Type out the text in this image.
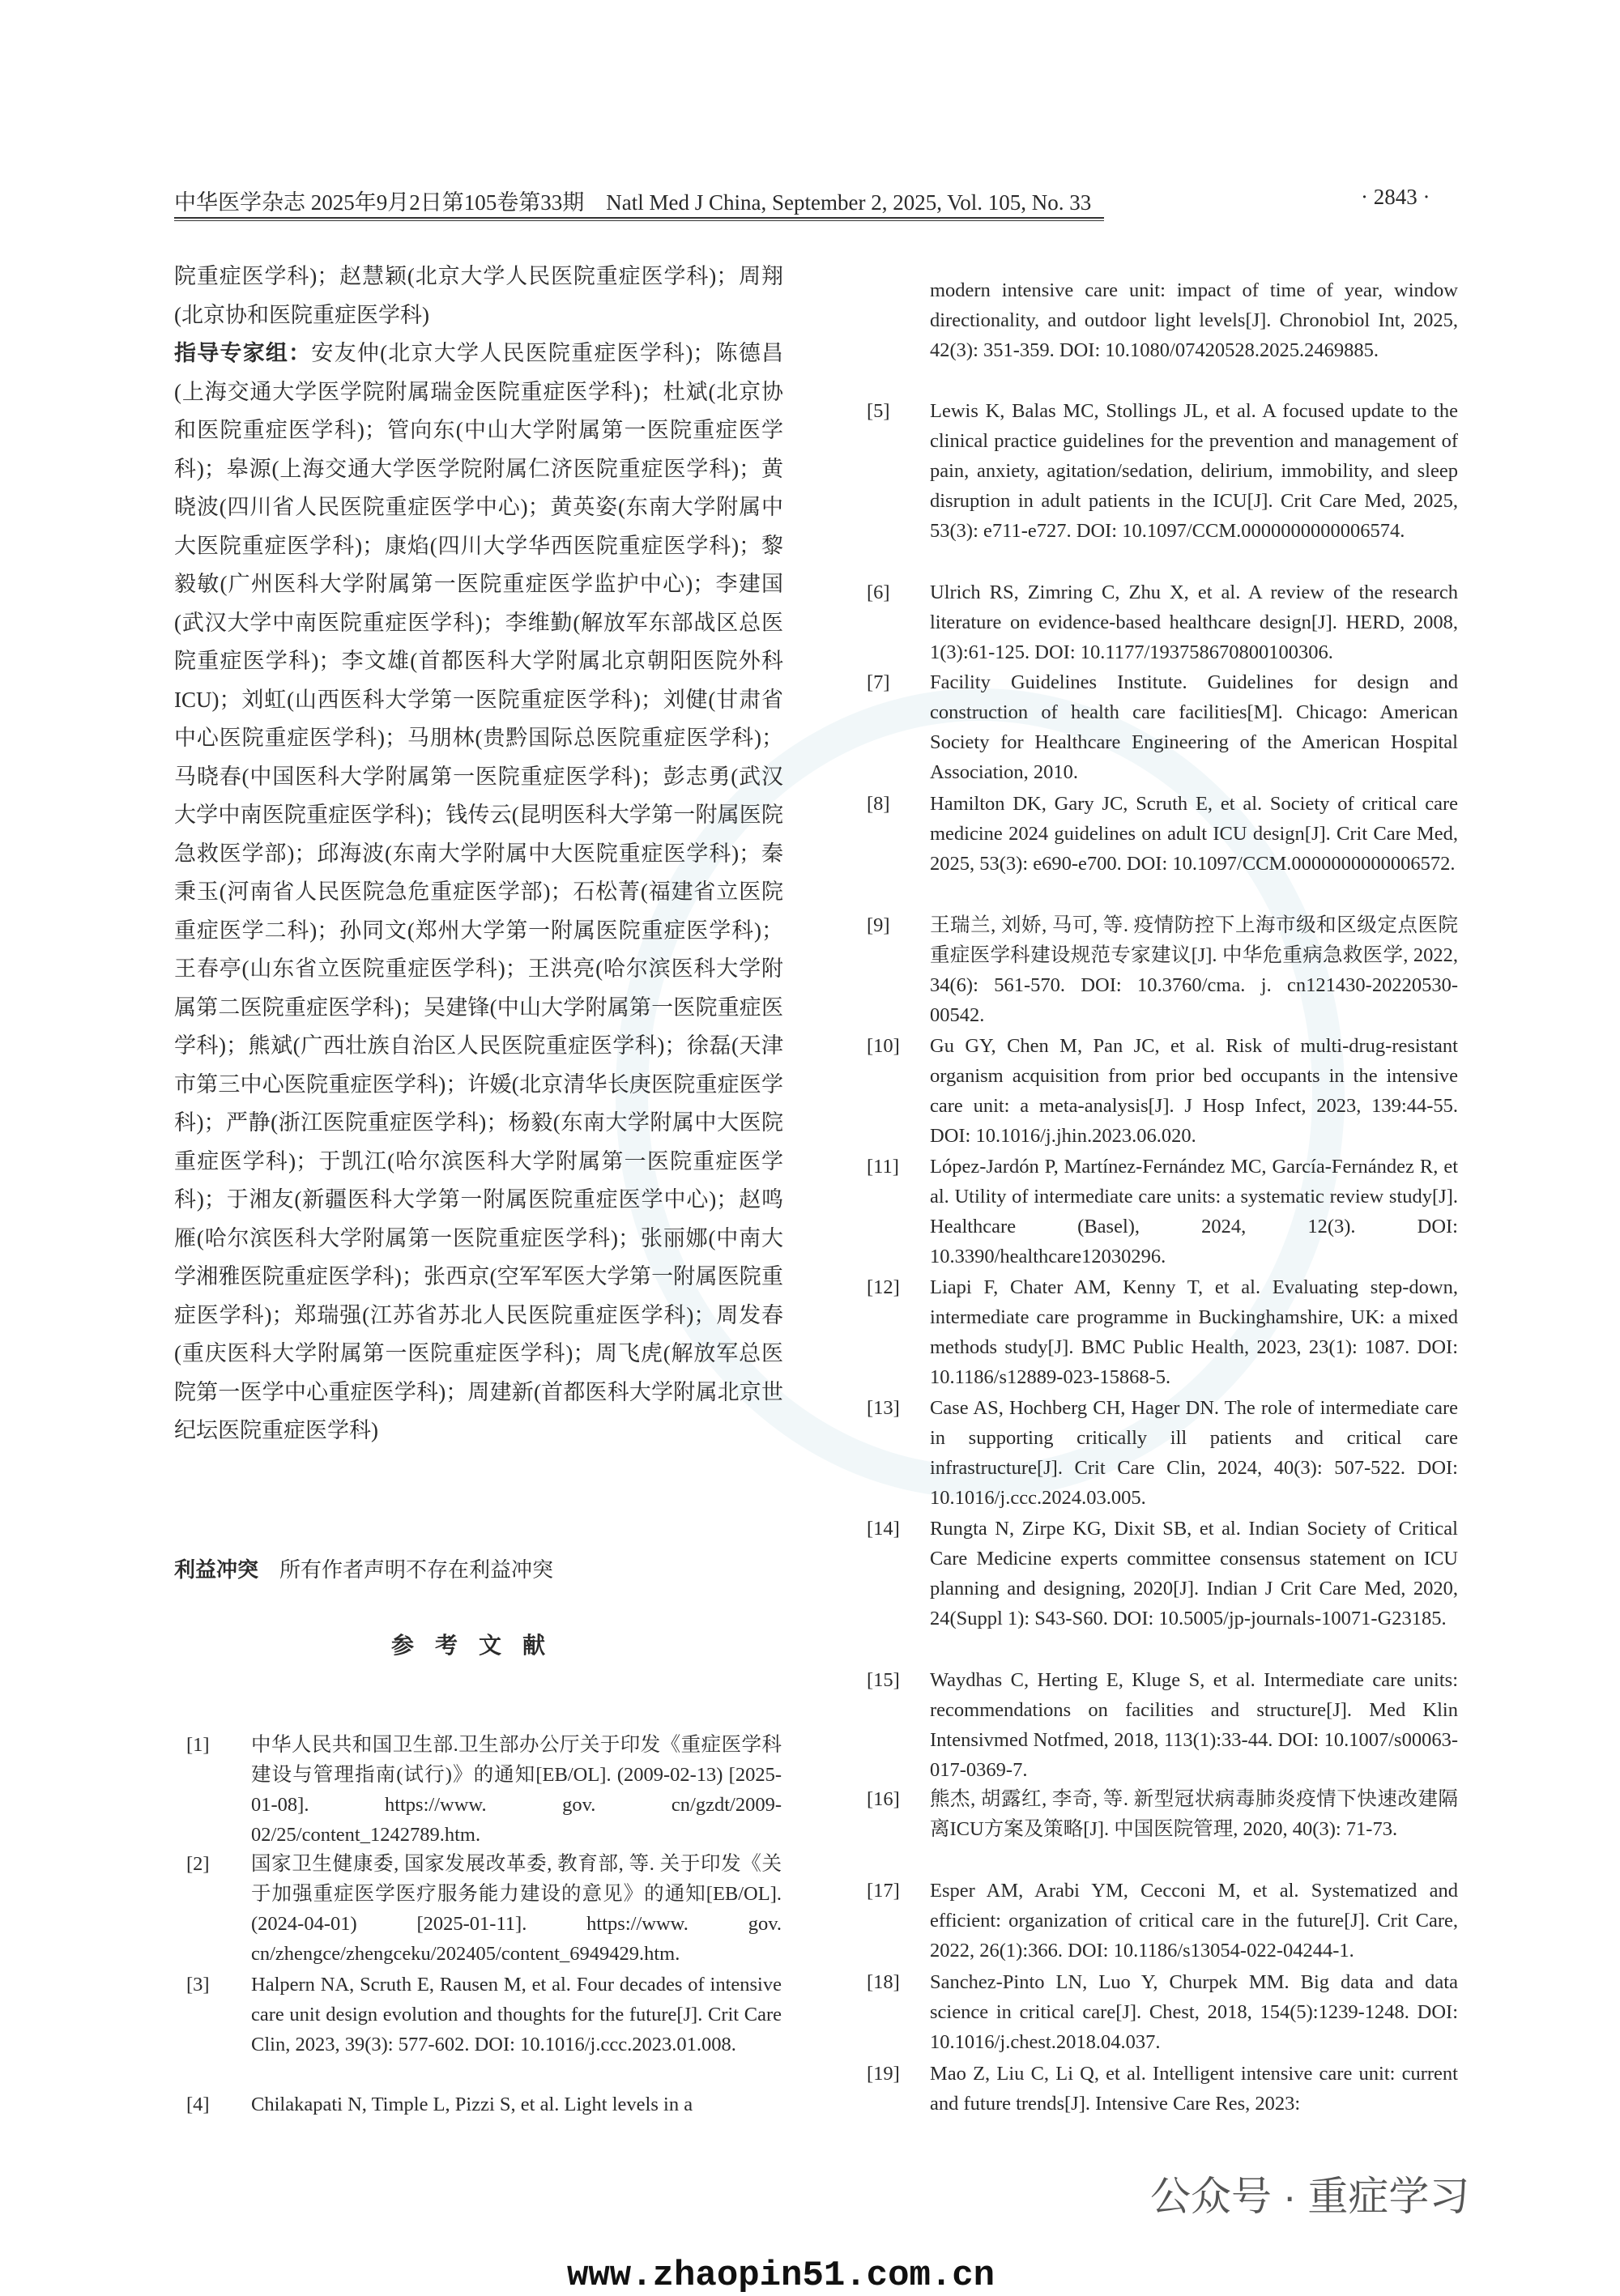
中华医学杂志 2025年9月2日第105卷第33期　Natl Med J China, September 2, 2025, Vol. 105, No. 33	· 2843 ·
院重症医学科)；赵慧颖(北京大学人民医院重症医学科)；周翔(北京协和医院重症医学科)
指导专家组：安友仲(北京大学人民医院重症医学科)；陈德昌(上海交通大学医学院附属瑞金医院重症医学科)；杜斌(北京协和医院重症医学科)；管向东(中山大学附属第一医院重症医学科)；皋源(上海交通大学医学院附属仁济医院重症医学科)；黄晓波(四川省人民医院重症医学中心)；黄英姿(东南大学附属中大医院重症医学科)；康焰(四川大学华西医院重症医学科)；黎毅敏(广州医科大学附属第一医院重症医学监护中心)；李建国(武汉大学中南医院重症医学科)；李维勤(解放军东部战区总医院重症医学科)；李文雄(首都医科大学附属北京朝阳医院外科ICU)；刘虹(山西医科大学第一医院重症医学科)；刘健(甘肃省中心医院重症医学科)；马朋林(贵黔国际总医院重症医学科)；马晓春(中国医科大学附属第一医院重症医学科)；彭志勇(武汉大学中南医院重症医学科)；钱传云(昆明医科大学第一附属医院急救医学部)；邱海波(东南大学附属中大医院重症医学科)；秦秉玉(河南省人民医院急危重症医学部)；石松菁(福建省立医院重症医学二科)；孙同文(郑州大学第一附属医院重症医学科)；王春亭(山东省立医院重症医学科)；王洪亮(哈尔滨医科大学附属第二医院重症医学科)；吴建锋(中山大学附属第一医院重症医学科)；熊斌(广西壮族自治区人民医院重症医学科)；徐磊(天津市第三中心医院重症医学科)；许媛(北京清华长庚医院重症医学科)；严静(浙江医院重症医学科)；杨毅(东南大学附属中大医院重症医学科)；于凯江(哈尔滨医科大学附属第一医院重症医学科)；于湘友(新疆医科大学第一附属医院重症医学中心)；赵鸣雁(哈尔滨医科大学附属第一医院重症医学科)；张丽娜(中南大学湘雅医院重症医学科)；张西京(空军军医大学第一附属医院重症医学科)；郑瑞强(江苏省苏北人民医院重症医学科)；周发春(重庆医科大学附属第一医院重症医学科)；周飞虎(解放军总医院第一医学中心重症医学科)；周建新(首都医科大学附属北京世纪坛医院重症医学科)
利益冲突　 所有作者声明不存在利益冲突
参考文献
[1] 中华人民共和国卫生部.卫生部办公厅关于印发《重症医学科建设与管理指南(试行)》的通知[EB/OL]. (2009-02-13) [2025-01-08]. https://www. gov. cn/gzdt/2009-02/25/content_1242789.htm.
[2] 国家卫生健康委, 国家发展改革委, 教育部, 等. 关于印发《关于加强重症医学医疗服务能力建设的意见》的通知[EB/OL]. (2024-04-01) [2025-01-11]. https://www. gov. cn/zhengce/zhengceku/202405/content_6949429.htm.
[3] Halpern NA, Scruth E, Rausen M, et al. Four decades of intensive care unit design evolution and thoughts for the future[J]. Crit Care Clin, 2023, 39(3): 577-602. DOI: 10.1016/j.ccc.2023.01.008.
[4] Chilakapati N, Timple L, Pizzi S, et al. Light levels in a
modern intensive care unit: impact of time of year, window directionality, and outdoor light levels[J]. Chronobiol Int, 2025, 42(3): 351-359. DOI: 10.1080/07420528.2025.2469885.
[5] Lewis K, Balas MC, Stollings JL, et al. A focused update to the clinical practice guidelines for the prevention and management of pain, anxiety, agitation/sedation, delirium, immobility, and sleep disruption in adult patients in the ICU[J]. Crit Care Med, 2025, 53(3): e711-e727. DOI: 10.1097/CCM.0000000000006574.
[6] Ulrich RS, Zimring C, Zhu X, et al. A review of the research literature on evidence-based healthcare design[J]. HERD, 2008, 1(3):61-125. DOI: 10.1177/193758670800100306.
[7] Facility Guidelines Institute. Guidelines for design and construction of health care facilities[M]. Chicago: American Society for Healthcare Engineering of the American Hospital Association, 2010.
[8] Hamilton DK, Gary JC, Scruth E, et al. Society of critical care medicine 2024 guidelines on adult ICU design[J]. Crit Care Med, 2025, 53(3): e690-e700. DOI: 10.1097/CCM.0000000000006572.
[9] 王瑞兰, 刘娇, 马可, 等. 疫情防控下上海市级和区级定点医院重症医学科建设规范专家建议[J]. 中华危重病急救医学, 2022, 34(6): 561-570. DOI: 10.3760/cma. j. cn121430-20220530-00542.
[10] Gu GY, Chen M, Pan JC, et al. Risk of multi-drug-resistant organism acquisition from prior bed occupants in the intensive care unit: a meta-analysis[J]. J Hosp Infect, 2023, 139:44-55. DOI: 10.1016/j.jhin.2023.06.020.
[11] López-Jardón P, Martínez-Fernández MC, García-Fernández R, et al. Utility of intermediate care units: a systematic review study[J]. Healthcare (Basel), 2024, 12(3). DOI: 10.3390/healthcare12030296.
[12] Liapi F, Chater AM, Kenny T, et al. Evaluating step-down, intermediate care programme in Buckinghamshire, UK: a mixed methods study[J]. BMC Public Health, 2023, 23(1): 1087. DOI: 10.1186/s12889-023-15868-5.
[13] Case AS, Hochberg CH, Hager DN. The role of intermediate care in supporting critically ill patients and critical care infrastructure[J]. Crit Care Clin, 2024, 40(3): 507-522. DOI: 10.1016/j.ccc.2024.03.005.
[14] Rungta N, Zirpe KG, Dixit SB, et al. Indian Society of Critical Care Medicine experts committee consensus statement on ICU planning and designing, 2020[J]. Indian J Crit Care Med, 2020, 24(Suppl 1): S43-S60. DOI: 10.5005/jp-journals-10071-G23185.
[15] Waydhas C, Herting E, Kluge S, et al. Intermediate care units: recommendations on facilities and structure[J]. Med Klin Intensivmed Notfmed, 2018, 113(1):33-44. DOI: 10.1007/s00063-017-0369-7.
[16] 熊杰, 胡露红, 李奇, 等. 新型冠状病毒肺炎疫情下快速改建隔离ICU方案及策略[J]. 中国医院管理, 2020, 40(3): 71-73.
[17] Esper AM, Arabi YM, Cecconi M, et al. Systematized and efficient: organization of critical care in the future[J]. Crit Care, 2022, 26(1):366. DOI: 10.1186/s13054-022-04244-1.
[18] Sanchez-Pinto LN, Luo Y, Churpek MM. Big data and data science in critical care[J]. Chest, 2018, 154(5):1239-1248. DOI: 10.1016/j.chest.2018.04.037.
[19] Mao Z, Liu C, Li Q, et al. Intelligent intensive care unit: current and future trends[J]. Intensive Care Res, 2023:
公众号 · 重症学习
www.zhaopin51.com.cn
